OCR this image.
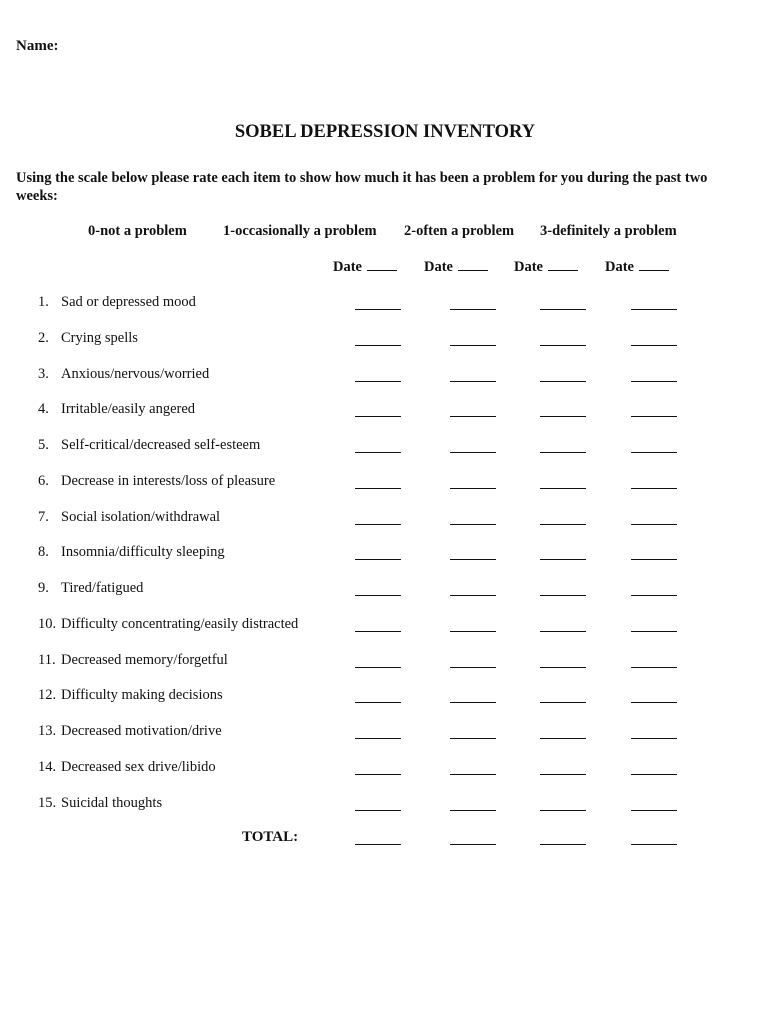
Name:
SOBEL DEPRESSION INVENTORY
Using the scale below please rate each item to show how much it has been a problem for you during the past two weeks:
0-not a problem 1-occasionally a problem 2-often a problem 3-definitely a problem
Date	Date	Date	Date
1. Sad or depressed mood
2. Crying spells
3. Anxious/nervous/worried
4. Irritable/easily angered
5. Self-critical/decreased self-esteem
6. Decrease in interests/loss of pleasure
7. Social isolation/withdrawal
8. Insomnia/difficulty sleeping
9. Tired/fatigued
10. Difficulty concentrating/easily distracted
11. Decreased memory/forgetful
12. Difficulty making decisions
13. Decreased motivation/drive
14. Decreased sex drive/libido
15. Suicidal thoughts
TOTAL:
